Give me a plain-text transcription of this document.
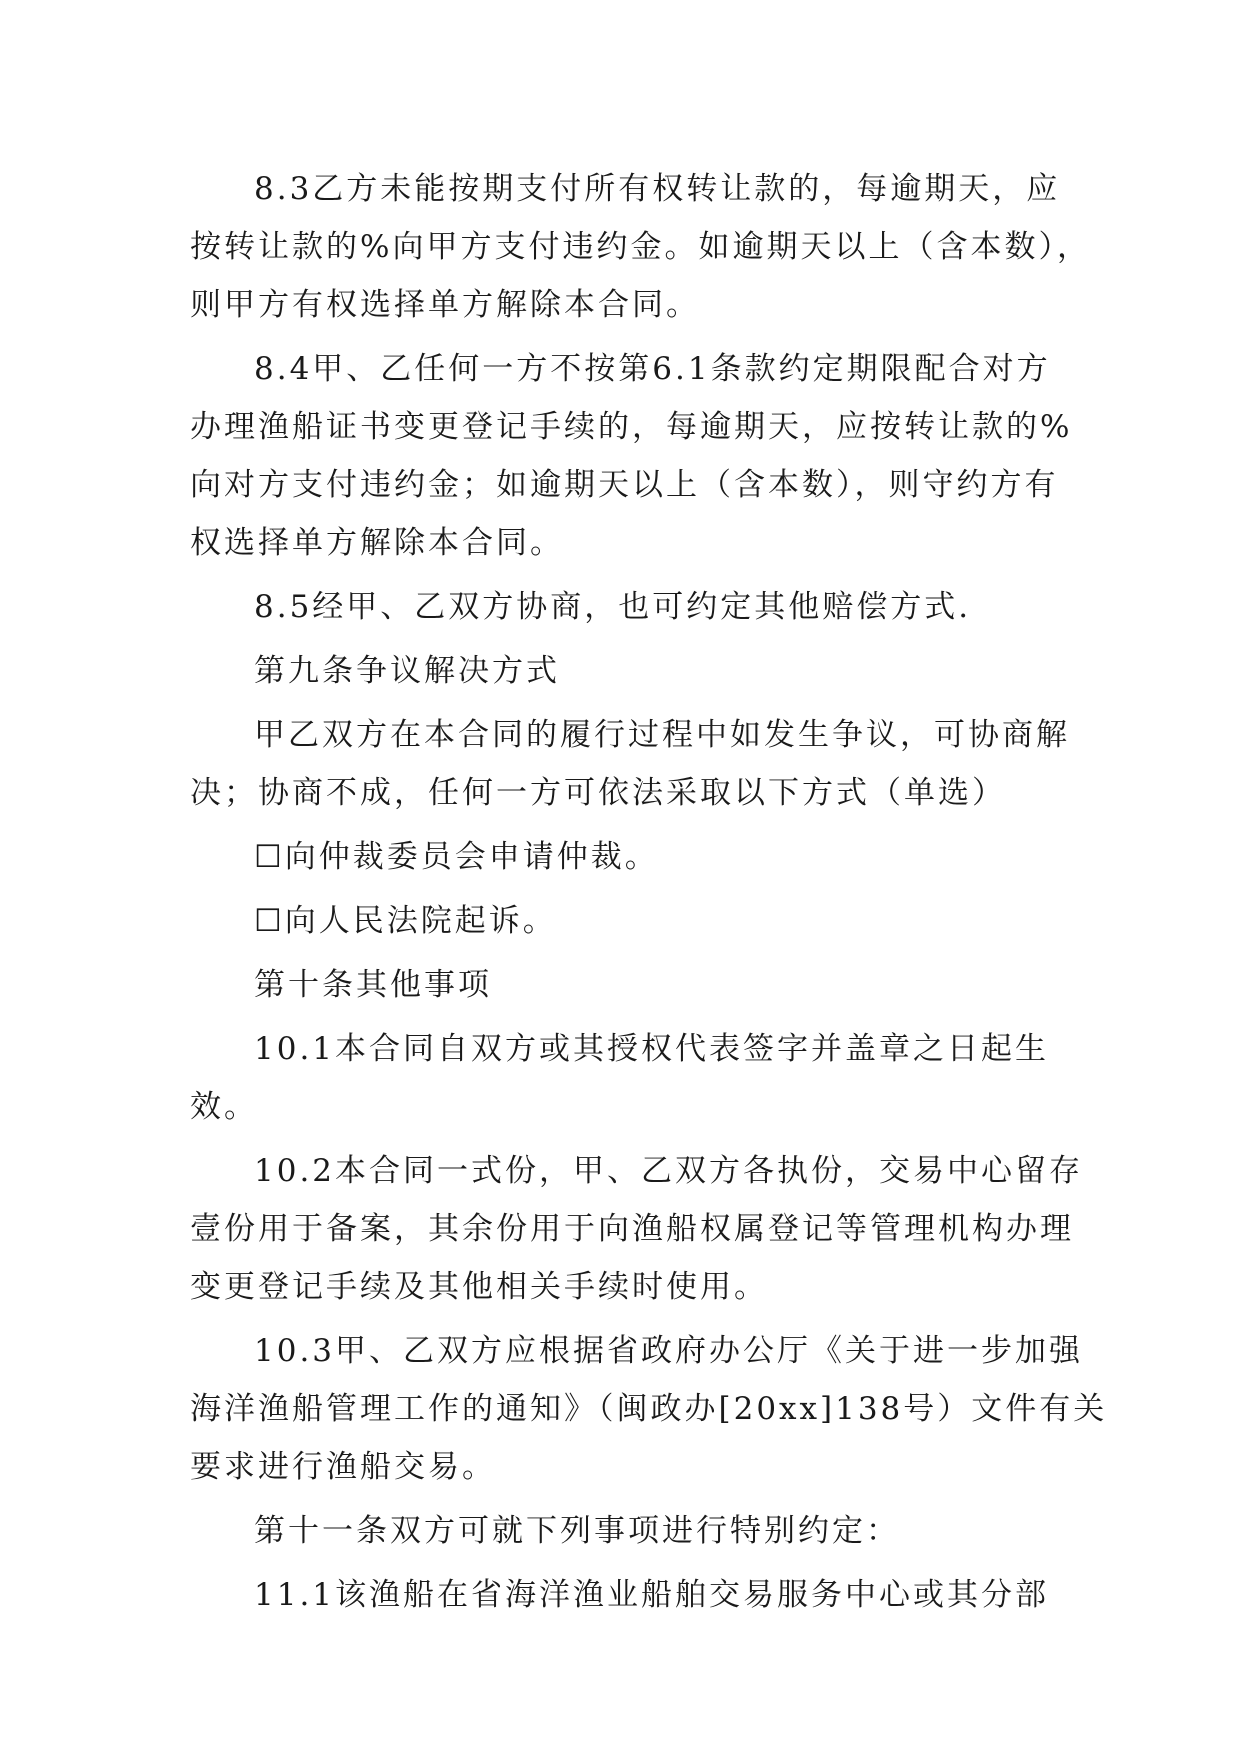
8.3乙方未能按期支付所有权转让款的，每逾期天，应
按转让款的%向甲方支付违约金。如逾期天以上（含本数），
则甲方有权选择单方解除本合同。
8.4甲、乙任何一方不按第6.1条款约定期限配合对方
办理渔船证书变更登记手续的，每逾期天，应按转让款的%
向对方支付违约金；如逾期天以上（含本数），则守约方有
权选择单方解除本合同。
8.5经甲、乙双方协商，也可约定其他赔偿方式.
第九条争议解决方式
甲乙双方在本合同的履行过程中如发生争议，可协商解
决；协商不成，任何一方可依法采取以下方式（单选）
☐向仲裁委员会申请仲裁。
☐向人民法院起诉。
第十条其他事项
10.1本合同自双方或其授权代表签字并盖章之日起生
效。
10.2本合同一式份，甲、乙双方各执份，交易中心留存
壹份用于备案，其余份用于向渔船权属登记等管理机构办理
变更登记手续及其他相关手续时使用。
10.3甲、乙双方应根据省政府办公厅《关于进一步加强
海洋渔船管理工作的通知》（闽政办[20xx]138号）文件有关
要求进行渔船交易。
第十一条双方可就下列事项进行特别约定：
11.1该渔船在省海洋渔业船舶交易服务中心或其分部
